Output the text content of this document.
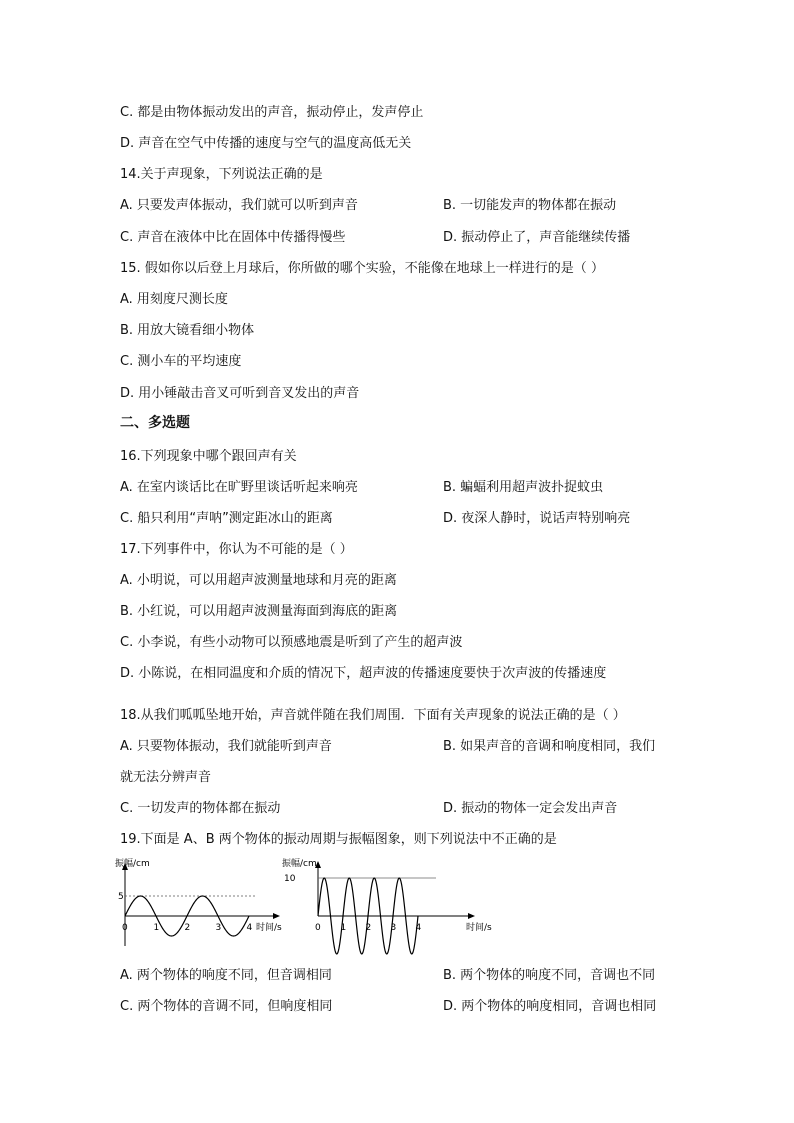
C. 都是由物体振动发出的声音，振动停止，发声停止
D. 声音在空气中传播的速度与空气的温度高低无关
14.关于声现象，下列说法正确的是
A. 只要发声体振动，我们就可以听到声音	B. 一切能发声的物体都在振动
C. 声音在液体中比在固体中传播得慢些	D. 振动停止了，声音能继续传播
15. 假如你以后登上月球后，你所做的哪个实验，不能像在地球上一样进行的是（ ）
A. 用刻度尺测长度
B. 用放大镜看细小物体
C. 测小车的平均速度
D. 用小锤敲击音叉可听到音叉发出的声音
二、多选题
16.下列现象中哪个跟回声有关
A. 在室内谈话比在旷野里谈话听起来响亮	B. 蝙蝠利用超声波扑捉蚊虫
C. 船只利用“声呐”测定距冰山的距离	D. 夜深人静时，说话声特别响亮
17.下列事件中，你认为不可能的是（ ）
A. 小明说，可以用超声波测量地球和月亮的距离
B. 小红说，可以用超声波测量海面到海底的距离
C. 小李说，有些小动物可以预感地震是听到了产生的超声波
D. 小陈说，在相同温度和介质的情况下，超声波的传播速度要快于次声波的传播速度
18.从我们呱呱坠地开始，声音就伴随在我们周围．下面有关声现象的说法正确的是（ ）
A. 只要物体振动，我们就能听到声音	B. 如果声音的音调和响度相同，我们
就无法分辨声音
C. 一切发声的物体都在振动	D. 振动的物体一定会发出声音
19.下面是 A、B 两个物体的振动周期与振幅图象，则下列说法中不正确的是
振幅/cm
时间/s
5
0	1	2	3	4
振幅/cm
时间/s
10
0 1 2 3 4
A. 两个物体的响度不同，但音调相同	B. 两个物体的响度不同，音调也不同
C. 两个物体的音调不同，但响度相同	D. 两个物体的响度相同，音调也相同
